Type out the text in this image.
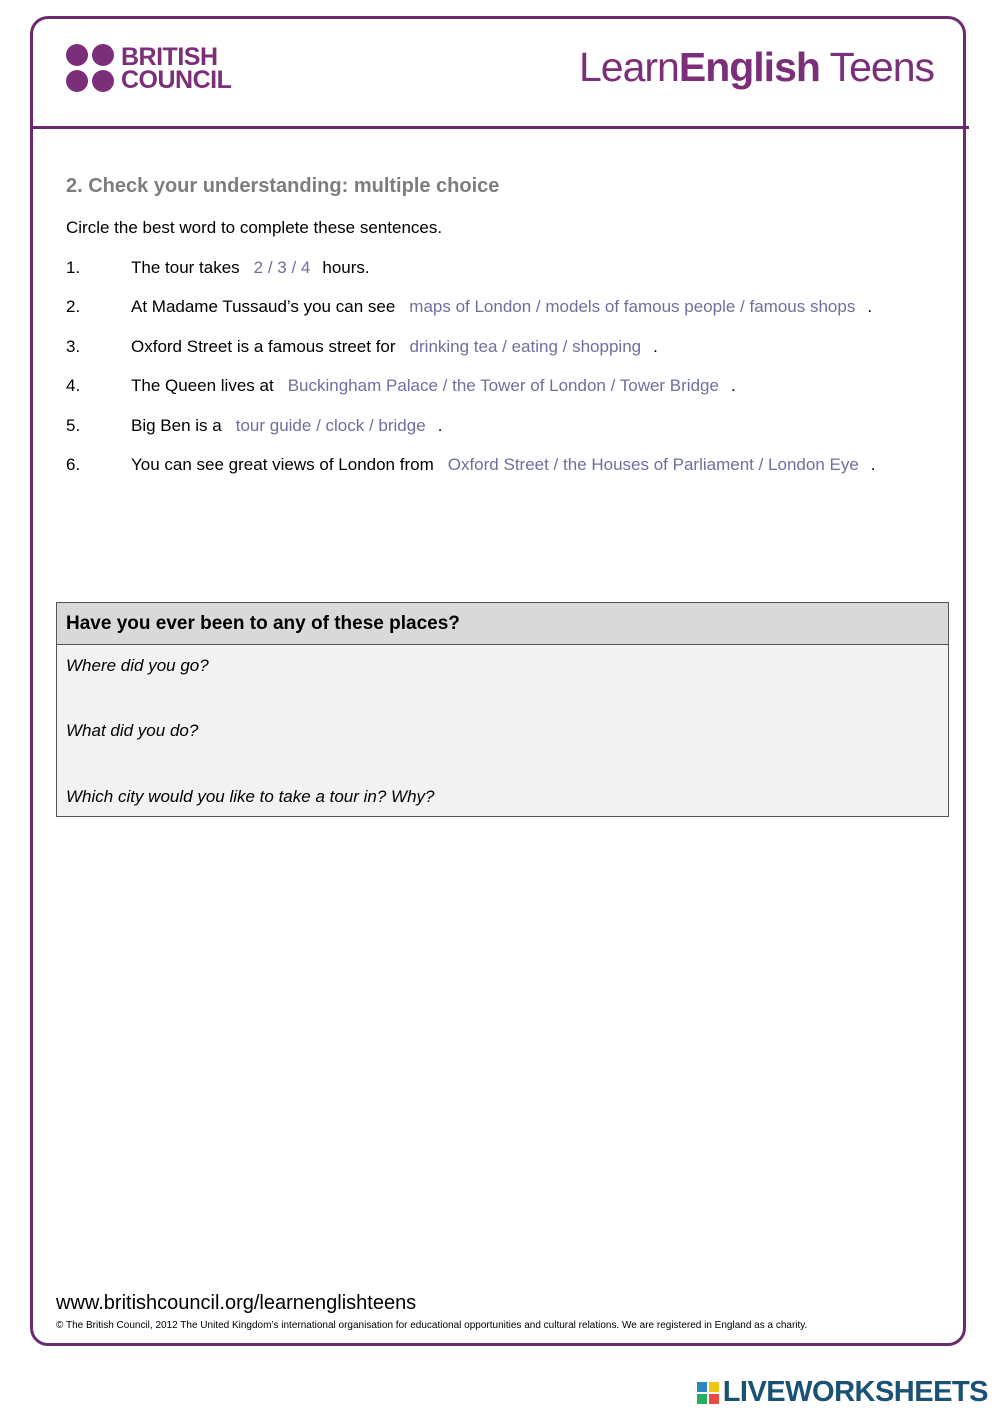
BRITISH
COUNCIL	LearnEnglish Teens
2. Check your understanding: multiple choice
Circle the best word to complete these sentences.
1.	The tour takes 2 / 3 / 4 hours.
2.	At Madame Tussaud’s you can see maps of London / models of famous people / famous shops .
3.	Oxford Street is a famous street for drinking tea / eating / shopping .
4.	The Queen lives at Buckingham Palace / the Tower of London / Tower Bridge .
5.	Big Ben is a tour guide / clock / bridge .
6.	You can see great views of London from Oxford Street / the Houses of Parliament / London Eye .
Have you ever been to any of these places?
Where did you go?
What did you do?
Which city would you like to take a tour in? Why?
www.britishcouncil.org/learnenglishteens
© The British Council, 2012 The United Kingdom’s international organisation for educational opportunities and cultural relations. We are registered in England as a charity.
LIVEWORKSHEETS
